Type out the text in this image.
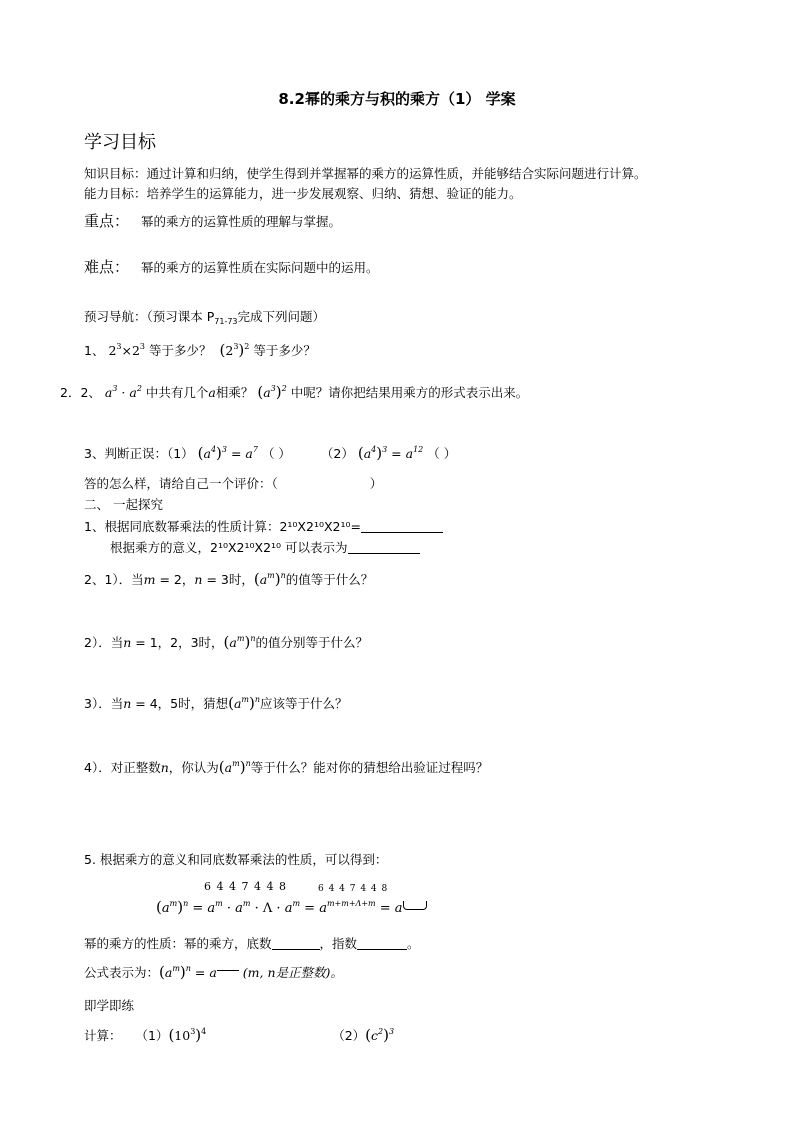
8.2幂的乘方与积的乘方（1） 学案
学习目标
知识目标：通过计算和归纳，使学生得到并掌握幂的乘方的运算性质，并能够结合实际问题进行计算。
能力目标：培养学生的运算能力，进一步发展观察、归纳、猜想、验证的能力。
重点： 幂的乘方的运算性质的理解与掌握。
难点： 幂的乘方的运算性质在实际问题中的运用。
预习导航：（预习课本 $P_{71-73}$完成下列问题）
1、 $2^3\times 2^3$ 等于多少？ $(2^3)^2$ 等于多少？
2．2、 $a^3 \cdot a^2$ 中共有几个a相乘？ $(a^3)^2$ 中呢？请你把结果用乘方的形式表示出来。
3、判断正误：（1） $(a^4)^3 = a^7$ （ ） （2） $(a^4)^3 = a^{12}$ （ ）
答的怎么样，请给自己一个评价：（	）
二、 一起探究
1、根据同底数幂乘法的性质计算：2¹⁰X2¹⁰X2¹⁰=
根据乘方的意义，2¹⁰X2¹⁰X2¹⁰ 可以表示为
2、1）．当m = 2，n = 3时，$(a^m)^n$的值等于什么？
2）．当n = 1，2，3时，$(a^m)^n$的值分别等于什么？
3）．当n = 4，5时，猜想$(a^m)^n$应该等于什么？
4）．对正整数n，你认为$(a^m)^n$等于什么？能对你的猜想给出验证过程吗？
5. 根据乘方的意义和同底数幂乘法的性质，可以得到：
6 4 4 7 4 4 8	6 4 4 7 4 4 8
$(a^m)^n = a^m \cdot a^m \cdot \Lambda \cdot a^m = a^{m+m+\Lambda+m} = a$
幂的乘方的性质：幂的乘方，底数	，指数	。
公式表示为：$(a^m)^n = a$ (m, n是正整数)。
即学即练
计算： $(1)(10^3)^4$	$(2)(c^2)^3$
